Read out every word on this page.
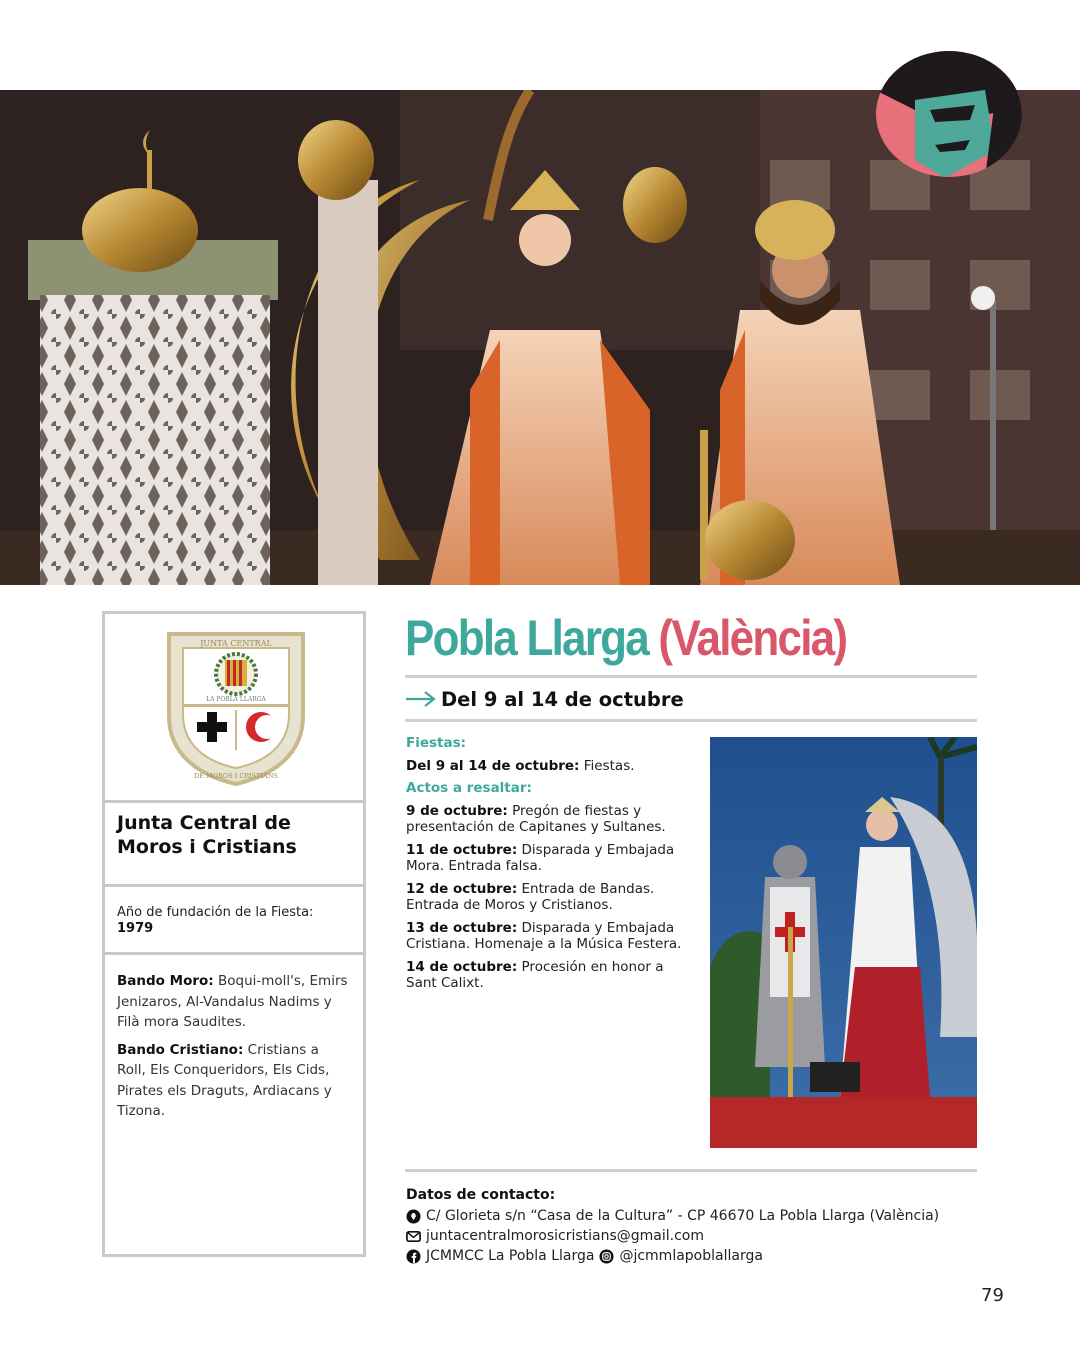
JUNTA CENTRAL
LA POBLA LLARGA
DE MOROS I CRISTIANS
Junta Central de
Moros i Cristians
Año de fundación de la Fiesta: 1979

Bando Moro: Boqui-moll's, Emirs Jenizaros, Al-Vandalus Nadims y Filà mora Saudites.

Bando Cristiano: Cristians a Roll, Els Conqueridors, Els Cids, Pirates els Draguts, Ardiacans y Tizona.

Pobla Llarga (València)
Del 9 al 14 de octubre

Fiestas:

Del 9 al 14 de octubre: Fiestas.

Actos a resaltar:

9 de octubre: Pregón de fiestas y presentación de Capitanes y Sultanes.

11 de octubre: Disparada y Embajada Mora. Entrada falsa.

12 de octubre: Entrada de Bandas. Entrada de Moros y Cristianos.

13 de octubre: Disparada y Embajada Cristiana. Homenaje a la Música Festera.

14 de octubre: Procesión en honor a Sant Calixt.

Datos de contacto:
C/ Glorieta s/n “Casa de la Cultura” - CP 46670 La Pobla Llarga (València)
juntacentralmorosicristians@gmail.com
JCMMCC La Pobla Llarga @jcmmlapoblallarga
79
